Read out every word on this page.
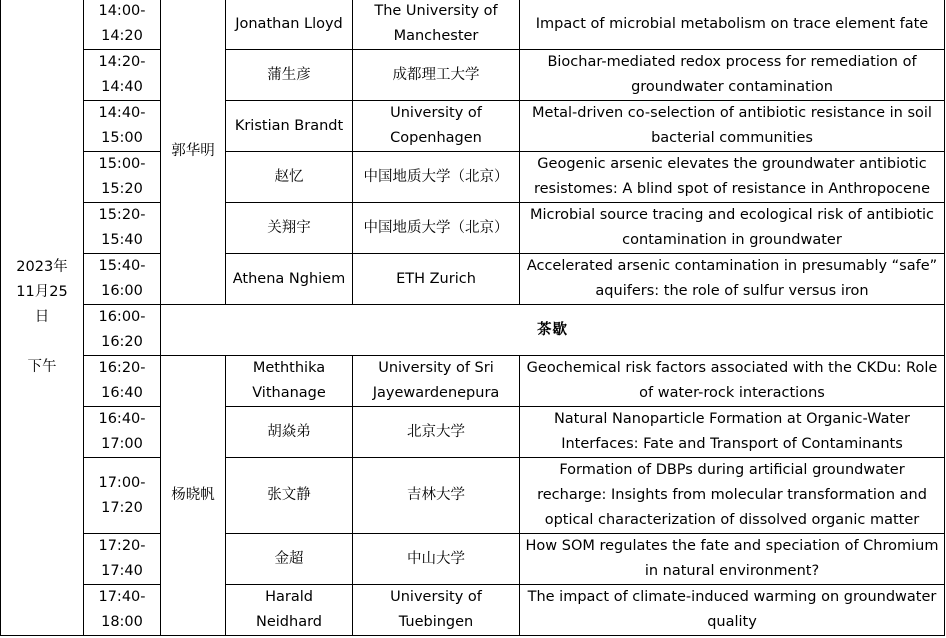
2023年
11月25
日
下午	14:00-
14:20	郭华明	Jonathan Lloyd	The University of Manchester	Impact of microbial metabolism on trace element fate
	14:20-
14:40		蒲生彦	成都理工大学	Biochar-mediated redox process for remediation of groundwater contamination
	14:40-
15:00		Kristian Brandt	University of Copenhagen	Metal-driven co-selection of antibiotic resistance in soil bacterial communities
	15:00-
15:20		赵忆	中国地质大学（北京）	Geogenic arsenic elevates the groundwater antibiotic resistomes: A blind spot of resistance in Anthropocene
	15:20-
15:40		关翔宇	中国地质大学（北京）	Microbial source tracing and ecological risk of antibiotic contamination in groundwater
	15:40-
16:00		Athena Nghiem	ETH Zurich	Accelerated arsenic contamination in presumably “safe” aquifers: the role of sulfur versus iron
	16:00-
16:20	茶歇			
	16:20-
16:40	杨晓帆	Meththika Vithanage	University of Sri Jayewardenepura	Geochemical risk factors associated with the CKDu: Role of water-rock interactions
	16:40-
17:00		胡焱弟	北京大学	Natural Nanoparticle Formation at Organic-Water Interfaces: Fate and Transport of Contaminants
	17:00-
17:20		张文静	吉林大学	Formation of DBPs during artificial groundwater recharge: Insights from molecular transformation and optical characterization of dissolved organic matter
	17:20-
17:40		金超	中山大学	How SOM regulates the fate and speciation of Chromium in natural environment?
	17:40-
18:00		Harald Neidhard	University of Tuebingen	The impact of climate-induced warming on groundwater quality
